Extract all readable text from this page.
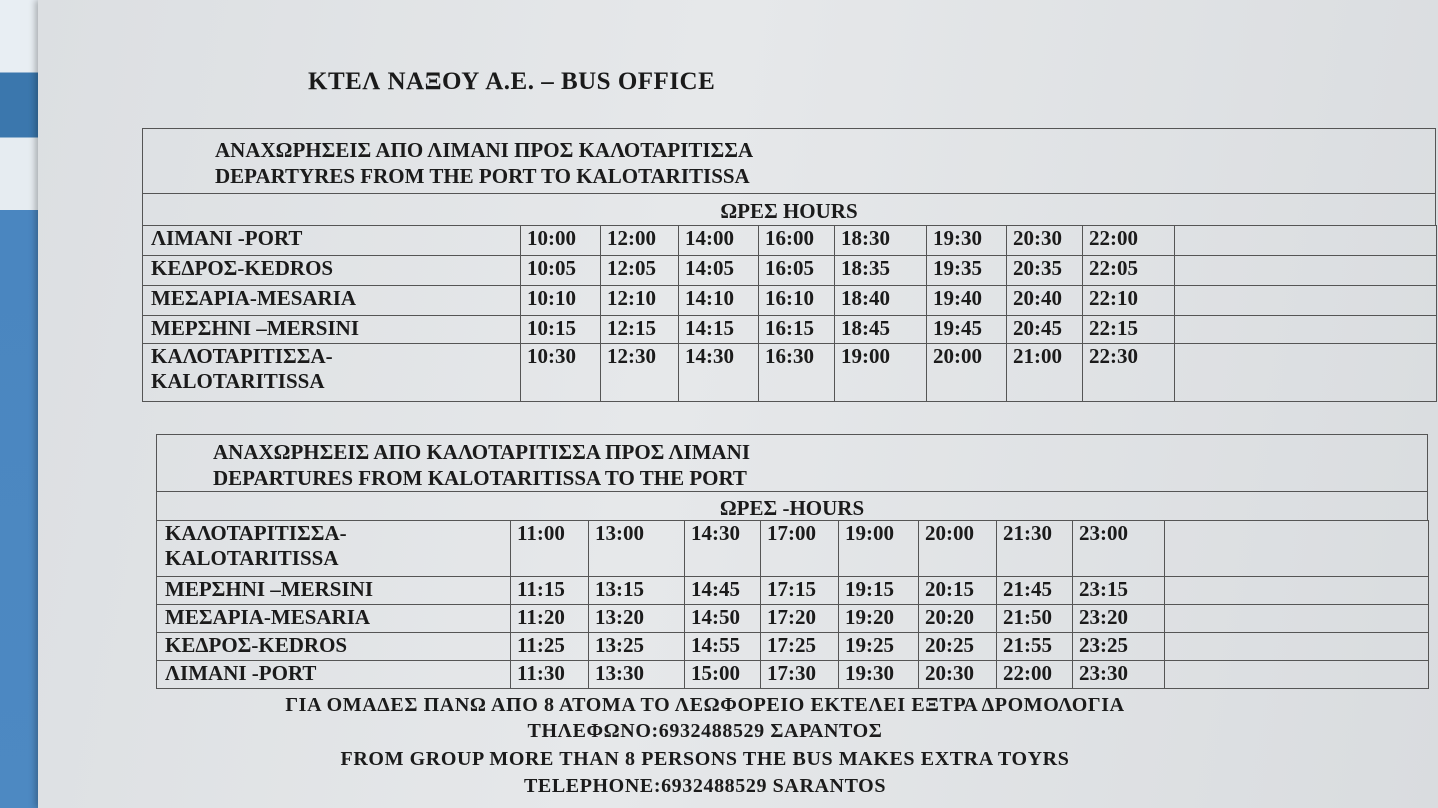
ΚΤΕΛ ΝΑΞΟΥ Α.Ε. – BUS OFFICE
ΑΝΑΧΩΡΗΣΕΙΣ ΑΠΟ ΛΙΜΑΝΙ ΠΡΟΣ ΚΑΛΟΤΑΡΙΤΙΣΣΑ
DEPARTYRES FROM THE PORT TO KALOTARITISSA
ΩΡΕΣ HOURS
ΛΙΜΑΝΙ -PORT	10:00	12:00	14:00	16:00	18:30	19:30	20:30	22:00	

ΚΕΔΡΟΣ-KEDROS	10:05	12:05	14:05	16:05	18:35	19:35	20:35	22:05	

ΜΕΣΑΡΙΑ-MESARIA	10:10	12:10	14:10	16:10	18:40	19:40	20:40	22:10	

ΜΕΡΣΗΝΙ –MERSINI	10:15	12:15	14:15	16:15	18:45	19:45	20:45	22:15	

ΚΑΛΟΤΑΡΙΤΙΣΣΑ-
KALOTARITISSA	10:30	12:30	14:30	16:30	19:00	20:00	21:00	22:30	
ΑΝΑΧΩΡΗΣΕΙΣ ΑΠΟ ΚΑΛΟΤΑΡΙΤΙΣΣΑ ΠΡΟΣ ΛΙΜΑΝΙ
DEPARTURES FROM KALOTARITISSA TO THE PORT
ΩΡΕΣ -HOURS
ΚΑΛΟΤΑΡΙΤΙΣΣΑ-
KALOTARITISSA	11:00	13:00	14:30	17:00	19:00	20:00	21:30	23:00	

ΜΕΡΣΗΝΙ –MERSINI	11:15	13:15	14:45	17:15	19:15	20:15	21:45	23:15	

ΜΕΣΑΡΙΑ-MESARIA	11:20	13:20	14:50	17:20	19:20	20:20	21:50	23:20	

ΚΕΔΡΟΣ-KEDROS	11:25	13:25	14:55	17:25	19:25	20:25	21:55	23:25	

ΛΙΜΑΝΙ -PORT	11:30	13:30	15:00	17:30	19:30	20:30	22:00	23:30	
ΓΙΑ ΟΜΑΔΕΣ ΠΑΝΩ ΑΠΟ 8 ΑΤΟΜΑ ΤΟ ΛΕΩΦΟΡΕΙΟ ΕΚΤΕΛΕΙ ΕΞΤΡΑ ΔΡΟΜΟΛΟΓΙΑ
ΤΗΛΕΦΩΝΟ:6932488529 ΣΑΡΑΝΤΟΣ
FROM GROUP MORE THAN 8 PERSONS THE BUS MAKES EXTRA TOYRS
TELEPHONE:6932488529 SARANTOS
